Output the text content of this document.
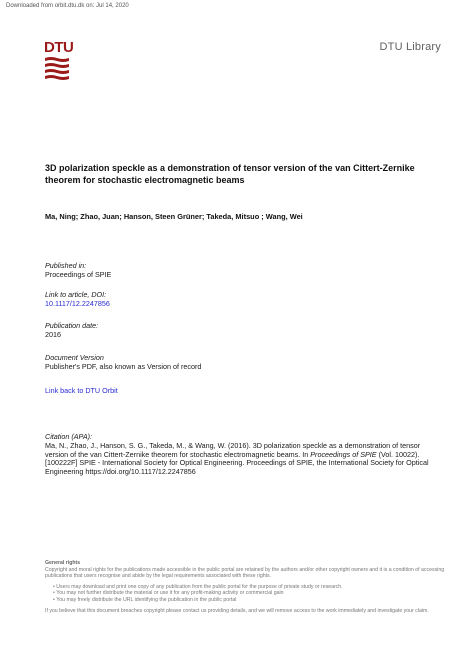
Downloaded from orbit.dtu.dk on: Jul 14, 2020
DTU	DTU Library
3D polarization speckle as a demonstration of tensor version of the van Cittert-Zernike theorem for stochastic electromagnetic beams
Ma, Ning; Zhao, Juan; Hanson, Steen Grüner; Takeda, Mitsuo ; Wang, Wei
Published in:
Proceedings of SPIE
Link to article, DOI:
10.1117/12.2247856
Publication date:
2016
Document Version
Publisher's PDF, also known as Version of record
Link back to DTU Orbit
Citation (APA):
Ma, N., Zhao, J., Hanson, S. G., Takeda, M., & Wang, W. (2016). 3D polarization speckle as a demonstration of tensor version of the van Cittert-Zernike theorem for stochastic electromagnetic beams. In Proceedings of SPIE (Vol. 10022). [100222F] SPIE - International Society for Optical Engineering. Proceedings of SPIE, the International Society for Optical Engineering https://doi.org/10.1117/12.2247856
General rights
Copyright and moral rights for the publications made accessible in the public portal are retained by the authors and/or other copyright owners and it is a condition of accessing publications that users recognise and abide by the legal requirements associated with these rights.
• Users may download and print one copy of any publication from the public portal for the purpose of private study or research.
• You may not further distribute the material or use it for any profit-making activity or commercial gain
• You may freely distribute the URL identifying the publication in the public portal

If you believe that this document breaches copyright please contact us providing details, and we will remove access to the work immediately and investigate your claim.
